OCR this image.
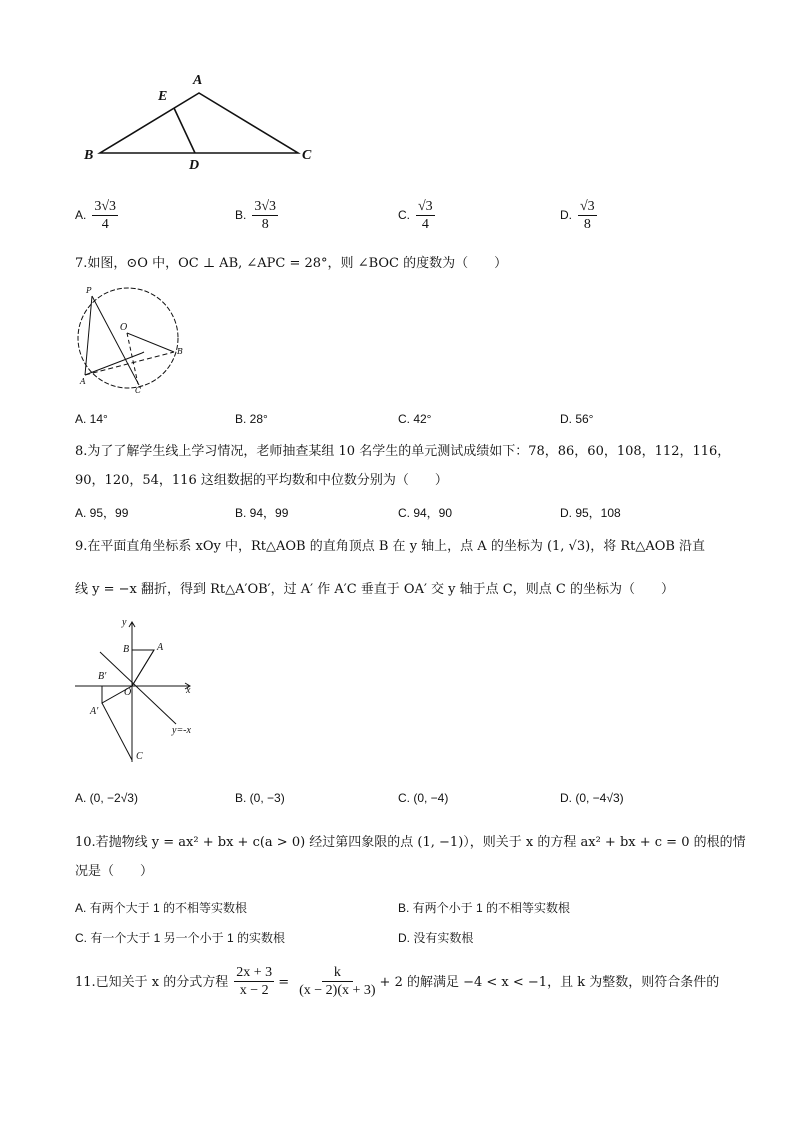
A
E
B
D
C
A. $\frac{3√3}{4}$	B. $\frac{3√3}{8}$	C. $\frac{√3}{4}$	D. $\frac{√3}{8}$
7.如图，⊙O 中，OC ⊥ AB, ∠APC = 28°，则 ∠BOC 的度数为（　　）
P
O
B
A
C
A. 14°	B. 28°	C. 42°	D. 56°
8.为了了解学生线上学习情况，老师抽查某组 10 名学生的单元测试成绩如下：78，86，60，108，112，116，
90，120，54，116 这组数据的平均数和中位数分别为（　　）
A. 95，99	B. 94，99	C. 94，90	D. 95，108
9.在平面直角坐标系 xOy 中，Rt△AOB 的直角顶点 B 在 y 轴上，点 A 的坐标为 (1, √3)，将 Rt△AOB 沿直
线 y = −x 翻折，得到 Rt△A′OB′，过 A′ 作 A′C 垂直于 OA′ 交 y 轴于点 C，则点 C 的坐标为（　　）
y
x
B	A
B′
O
A′
y=-x
C
A. (0, −2√3)	B. (0, −3)	C. (0, −4)	D. (0, −4√3)
10.若抛物线 y = ax² + bx + c(a > 0) 经过第四象限的点 (1, −1)），则关于 x 的方程 ax² + bx + c = 0 的根的情
况是（　　）
A. 有两个大于 1 的不相等实数根	B. 有两个小于 1 的不相等实数根
C. 有一个大于 1 另一个小于 1 的实数根	D. 没有实数根
11.已知关于 x 的分式方程 $\frac{2x + 3}{x - 2} = \frac{k}{(x - 2)(x + 3)} + 2$ 的解满足 −4 < x < −1，且 k 为整数，则符合条件的
